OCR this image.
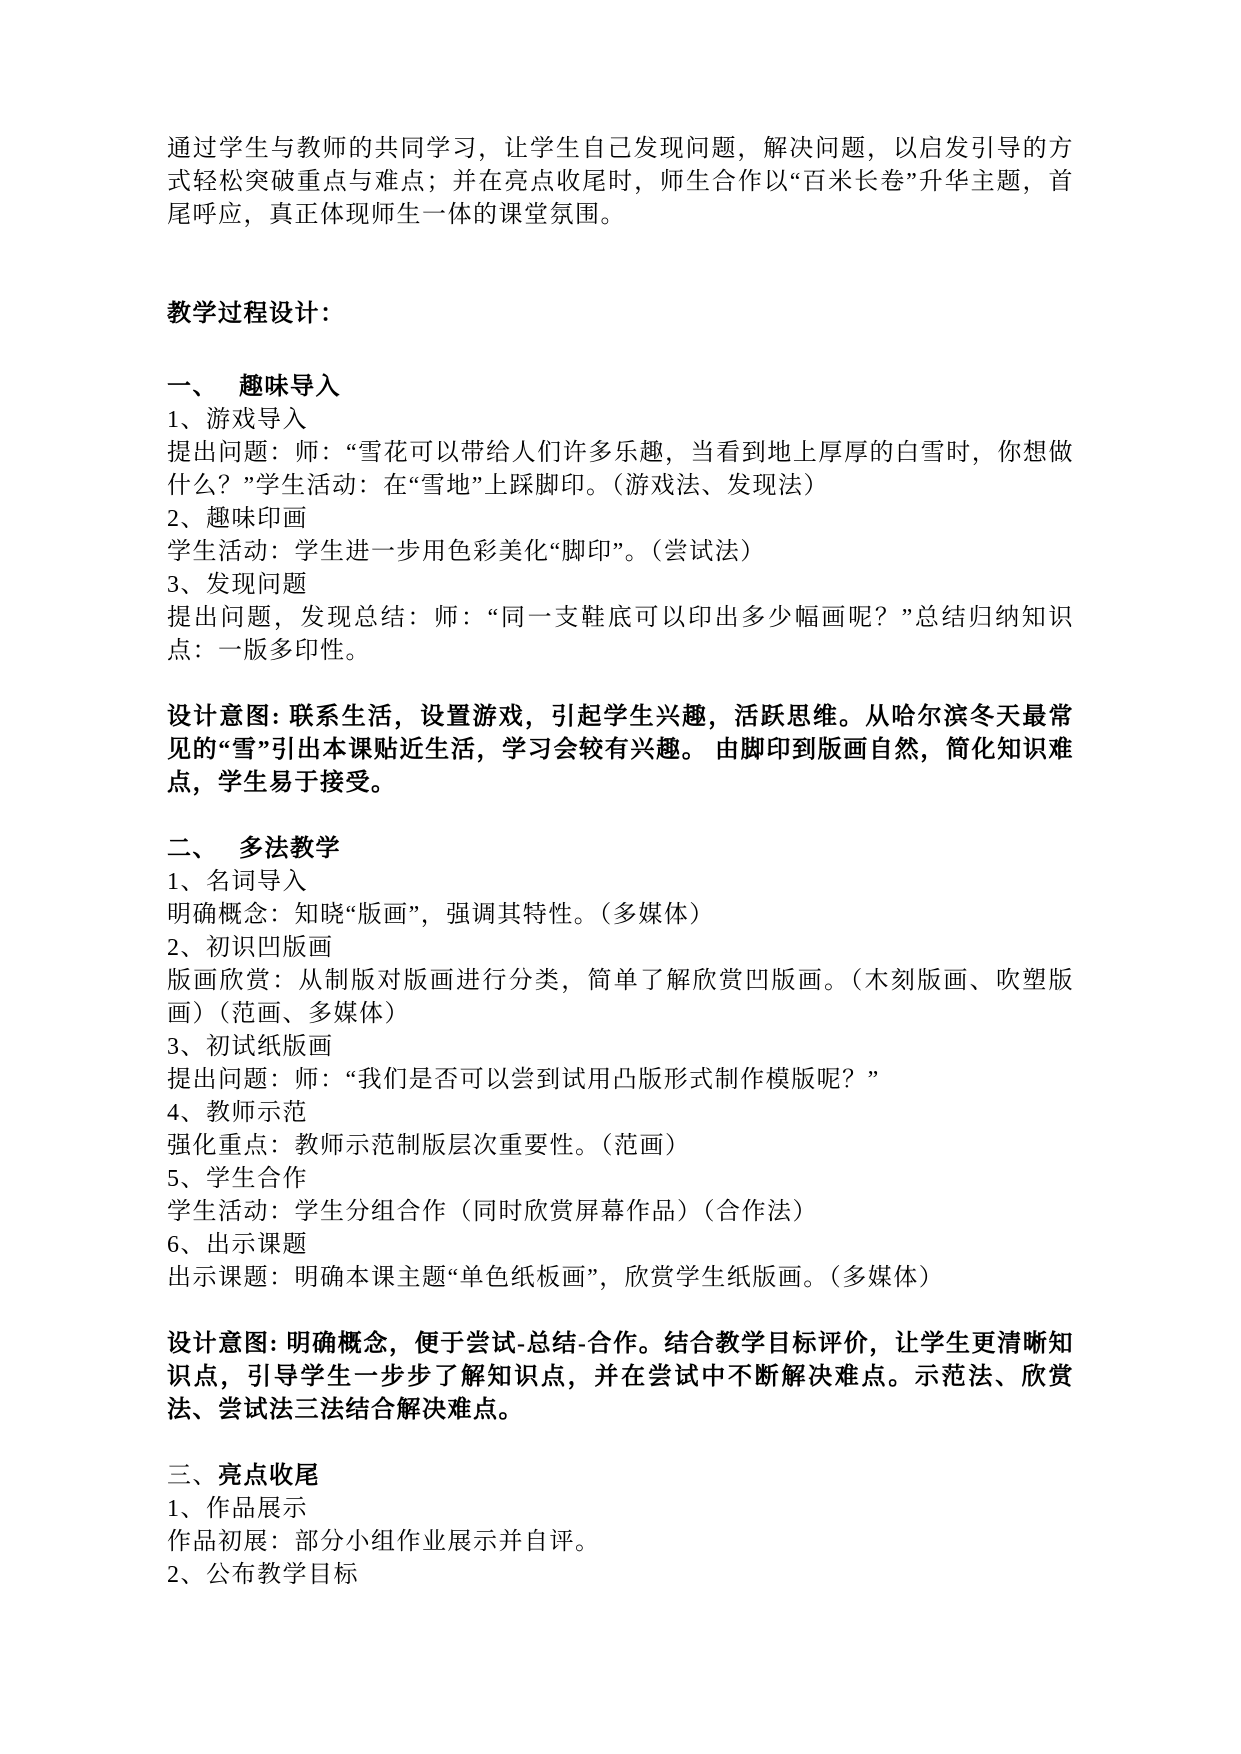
通过学生与教师的共同学习，让学生自己发现问题，解决问题，以启发引导的方式轻松突破重点与难点；并在亮点收尾时，师生合作以“百米长卷”升华主题，首尾呼应，真正体现师生一体的课堂氛围。

教学过程设计：

一、 趣味导入

1、游戏导入

提出问题：师：“雪花可以带给人们许多乐趣，当看到地上厚厚的白雪时，你想做什么？”学生活动：在“雪地”上踩脚印。（游戏法、发现法）

2、趣味印画

学生活动：学生进一步用色彩美化“脚印”。（尝试法）

3、发现问题

提出问题，发现总结：师：“同一支鞋底可以印出多少幅画呢？”总结归纳知识点：一版多印性。

设计意图: 联系生活，设置游戏，引起学生兴趣，活跃思维。从哈尔滨冬天最常见的“雪”引出本课贴近生活，学习会较有兴趣。 由脚印到版画自然，简化知识难点，学生易于接受。

二、 多法教学

1、名词导入

明确概念：知晓“版画”，强调其特性。（多媒体）

2、初识凹版画

版画欣赏：从制版对版画进行分类，简单了解欣赏凹版画。（木刻版画、吹塑版画）（范画、多媒体）

3、初试纸版画

提出问题：师：“我们是否可以尝到试用凸版形式制作模版呢？”

4、教师示范

强化重点：教师示范制版层次重要性。（范画）

5、学生合作

学生活动：学生分组合作（同时欣赏屏幕作品）（合作法）

6、出示课题

出示课题：明确本课主题“单色纸板画”，欣赏学生纸版画。（多媒体）

设计意图: 明确概念，便于尝试-总结-合作。结合教学目标评价，让学生更清晰知识点，引导学生一步步了解知识点，并在尝试中不断解决难点。示范法、欣赏法、尝试法三法结合解决难点。

三、亮点收尾

1、作品展示

作品初展：部分小组作业展示并自评。

2、公布教学目标
